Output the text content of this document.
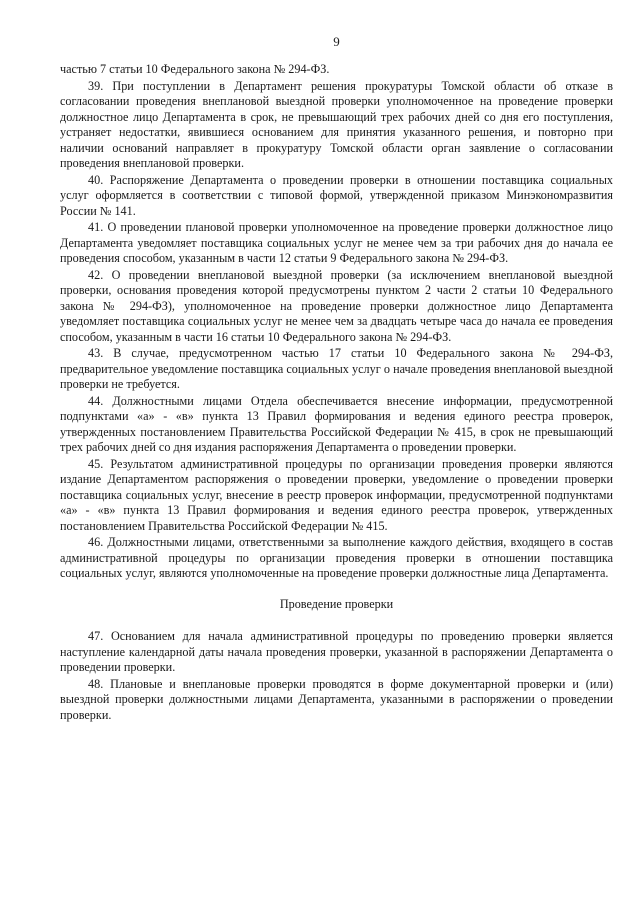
9

частью 7 статьи 10 Федерального закона № 294-ФЗ.

39. При поступлении в Департамент решения прокуратуры Томской области об отказе в согласовании проведения внеплановой выездной проверки уполномоченное на проведение проверки должностное лицо Департамента в срок, не превышающий трех рабочих дней со дня его поступления, устраняет недостатки, явившиеся основанием для принятия указанного решения, и повторно при наличии оснований направляет в прокуратуру Томской области орган заявление о согласовании проведения внеплановой проверки.

40. Распоряжение Департамента о проведении проверки в отношении поставщика социальных услуг оформляется в соответствии с типовой формой, утвержденной приказом Минэкономразвития России № 141.

41. О проведении плановой проверки уполномоченное на проведение проверки должностное лицо Департамента уведомляет поставщика социальных услуг не менее чем за три рабочих дня до начала ее проведения способом, указанным в части 12 статьи 9 Федерального закона № 294-ФЗ.

42. О проведении внеплановой выездной проверки (за исключением внеплановой выездной проверки, основания проведения которой предусмотрены пунктом 2 части 2 статьи 10 Федерального закона № 294-ФЗ), уполномоченное на проведение проверки должностное лицо Департамента уведомляет поставщика социальных услуг не менее чем за двадцать четыре часа до начала ее проведения способом, указанным в части 16 статьи 10 Федерального закона № 294-ФЗ.

43. В случае, предусмотренном частью 17 статьи 10 Федерального закона № 294-ФЗ, предварительное уведомление поставщика социальных услуг о начале проведения внеплановой выездной проверки не требуется.

44. Должностными лицами Отдела обеспечивается внесение информации, предусмотренной подпунктами «а» - «в» пункта 13 Правил формирования и ведения единого реестра проверок, утвержденных постановлением Правительства Российской Федерации № 415, в срок не превышающий трех рабочих дней со дня издания распоряжения Департамента о проведении проверки.

45. Результатом административной процедуры по организации проведения проверки являются издание Департаментом распоряжения о проведении проверки, уведомление о проведении проверки поставщика социальных услуг, внесение в реестр проверок информации, предусмотренной подпунктами «а» - «в» пункта 13 Правил формирования и ведения единого реестра проверок, утвержденных постановлением Правительства Российской Федерации № 415.

46. Должностными лицами, ответственными за выполнение каждого действия, входящего в состав административной процедуры по организации проведения проверки в отношении поставщика социальных услуг, являются уполномоченные на проведение проверки должностные лица Департамента.

Проведение проверки

47. Основанием для начала административной процедуры по проведению проверки является наступление календарной даты начала проведения проверки, указанной в распоряжении Департамента о проведении проверки.

48. Плановые и внеплановые проверки проводятся в форме документарной проверки и (или) выездной проверки должностными лицами Департамента, указанными в распоряжении о проведении проверки.
